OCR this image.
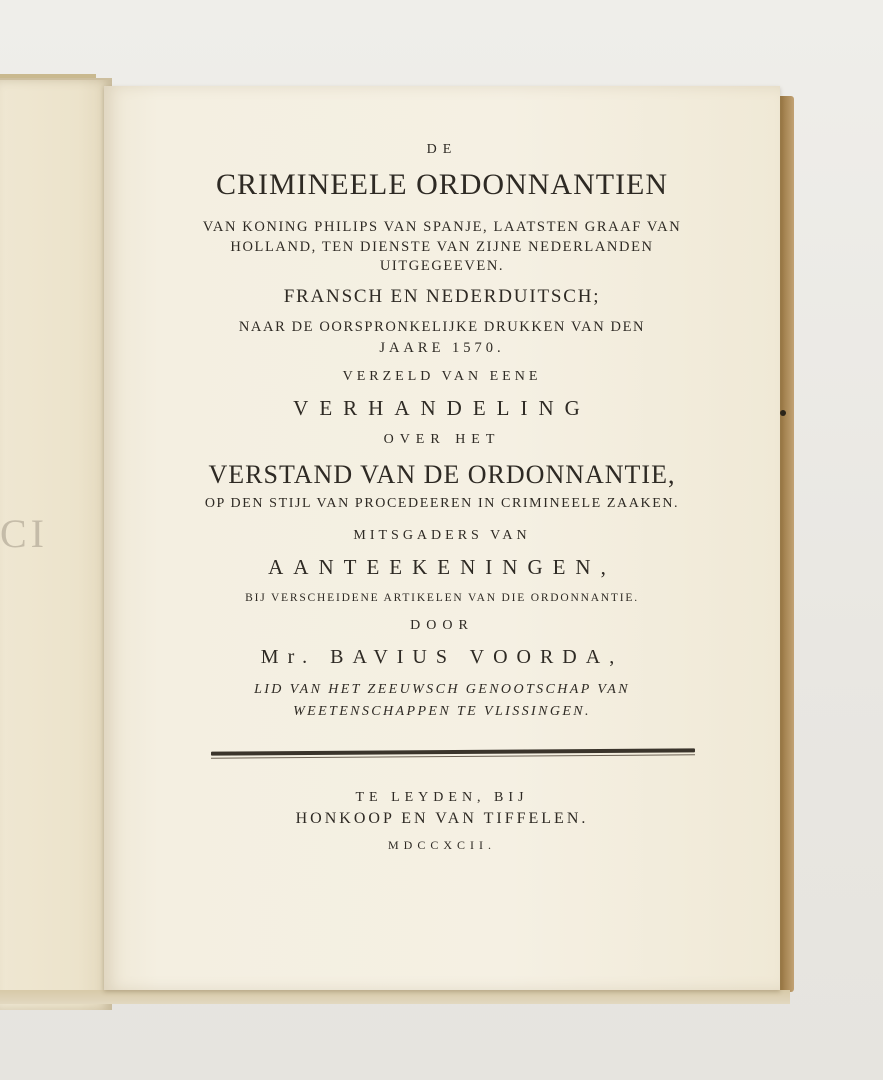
CI
DE
CRIMINEELE ORDONNANTIEN
VAN KONING PHILIPS VAN SPANJE, LAATSTEN GRAAF VAN
HOLLAND, TEN DIENSTE VAN ZIJNE NEDERLANDEN
UITGEGEEVEN.
FRANSCH EN NEDERDUITSCH;
NAAR DE OORSPRONKELIJKE DRUKKEN VAN DEN
JAARE 1570.
VERZELD VAN EENE
VERHANDELING
OVER HET
VERSTAND VAN DE ORDONNANTIE,
OP DEN STIJL VAN PROCEDEEREN IN CRIMINEELE ZAAKEN.
MITSGADERS VAN
AANTEEKENINGEN,
BIJ VERSCHEIDENE ARTIKELEN VAN DIE ORDONNANTIE.
DOOR
Mr. BAVIUS VOORDA,
LID VAN HET ZEEUWSCH GENOOTSCHAP VAN
WEETENSCHAPPEN TE VLISSINGEN.
TE LEYDEN, BIJ
HONKOOP EN VAN TIFFELEN.
MDCCXCII.
